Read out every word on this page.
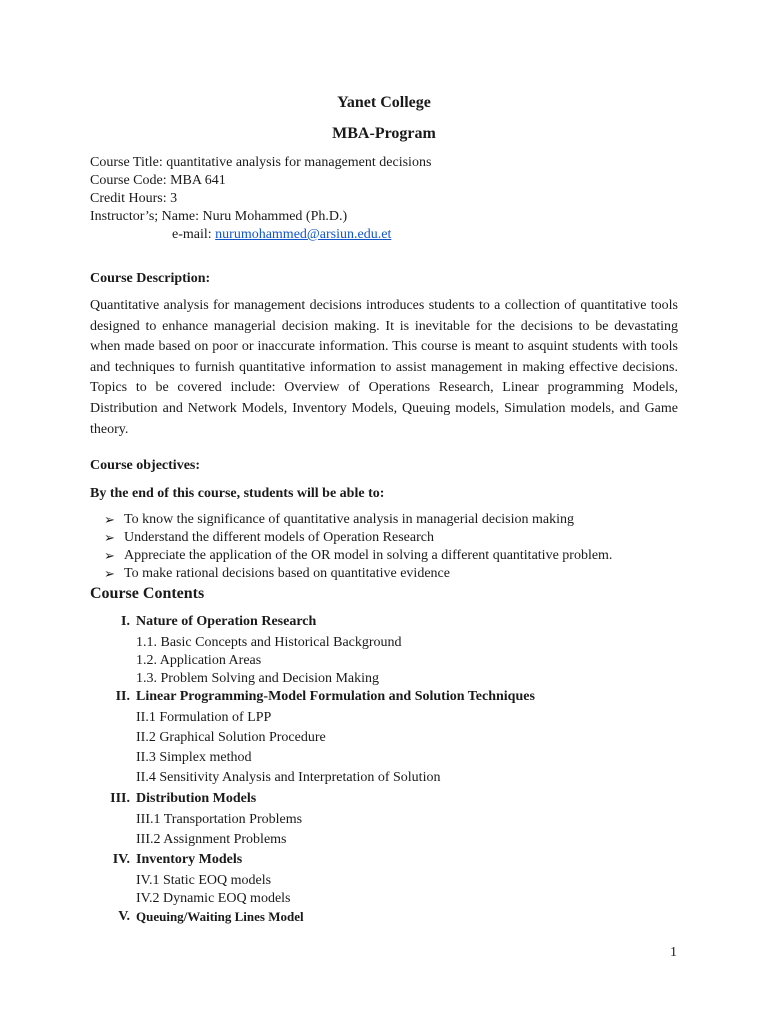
Yanet College
MBA-Program
Course Title: quantitative analysis for management decisions
Course Code: MBA 641
Credit Hours: 3
Instructor’s; Name: Nuru Mohammed (Ph.D.)
e-mail: nurumohammed@arsiun.edu.et
Course Description:
Quantitative analysis for management decisions introduces students to a collection of quantitative tools designed to enhance managerial decision making. It is inevitable for the decisions to be devastating when made based on poor or inaccurate information. This course is meant to asquint students with tools and techniques to furnish quantitative information to assist management in making effective decisions. Topics to be covered include: Overview of Operations Research, Linear programming Models, Distribution and Network Models, Inventory Models, Queuing models, Simulation models, and Game theory.
Course objectives:
By the end of this course, students will be able to:
➢ To know the significance of quantitative analysis in managerial decision making
➢ Understand the different models of Operation Research
➢ Appreciate the application of the OR model in solving a different quantitative problem.
➢ To make rational decisions based on quantitative evidence
Course Contents
I. Nature of Operation Research
1.1. Basic Concepts and Historical Background
1.2. Application Areas
1.3. Problem Solving and Decision Making
II. Linear Programming-Model Formulation and Solution Techniques
II.1 Formulation of LPP
II.2 Graphical Solution Procedure
II.3 Simplex method
II.4 Sensitivity Analysis and Interpretation of Solution
III. Distribution Models
III.1 Transportation Problems
III.2 Assignment Problems
IV. Inventory Models
IV.1 Static EOQ models
IV.2 Dynamic EOQ models
V. Queuing/Waiting Lines Model
1
